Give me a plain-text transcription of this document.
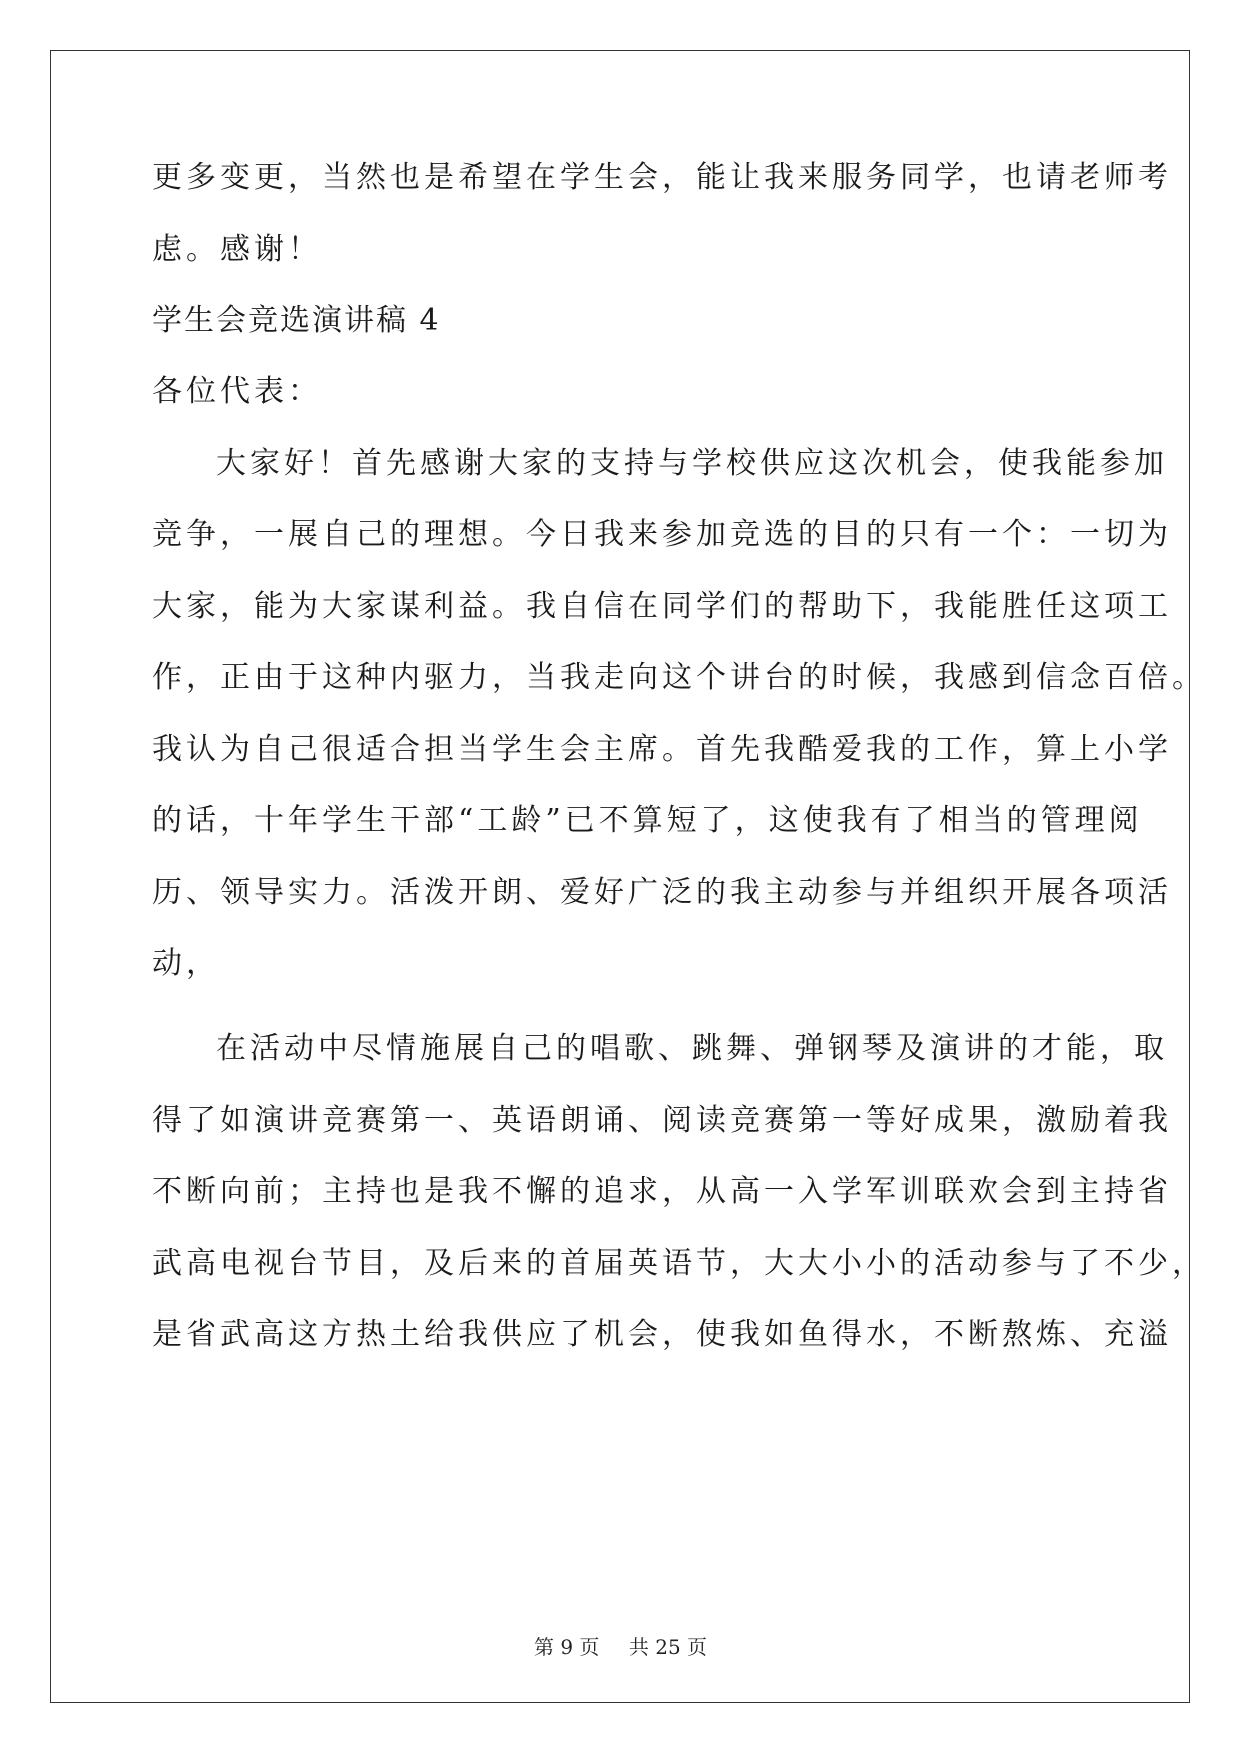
更多变更，当然也是希望在学生会，能让我来服务同学，也请老师考

虑。感谢！

学生会竞选演讲稿 4

各位代表：

大家好！首先感谢大家的支持与学校供应这次机会，使我能参加

竞争，一展自己的理想。今日我来参加竞选的目的只有一个：一切为

大家，能为大家谋利益。我自信在同学们的帮助下，我能胜任这项工

作，正由于这种内驱力，当我走向这个讲台的时候，我感到信念百倍。

我认为自己很适合担当学生会主席。首先我酷爱我的工作，算上小学

的话，十年学生干部“工龄”已不算短了，这使我有了相当的管理阅

历、领导实力。活泼开朗、爱好广泛的我主动参与并组织开展各项活

动，

在活动中尽情施展自己的唱歌、跳舞、弹钢琴及演讲的才能，取

得了如演讲竞赛第一、英语朗诵、阅读竞赛第一等好成果，激励着我

不断向前；主持也是我不懈的追求，从高一入学军训联欢会到主持省

武高电视台节目，及后来的首届英语节，大大小小的活动参与了不少，

是省武高这方热土给我供应了机会，使我如鱼得水，不断熬炼、充溢

第 9 页 共 25 页
